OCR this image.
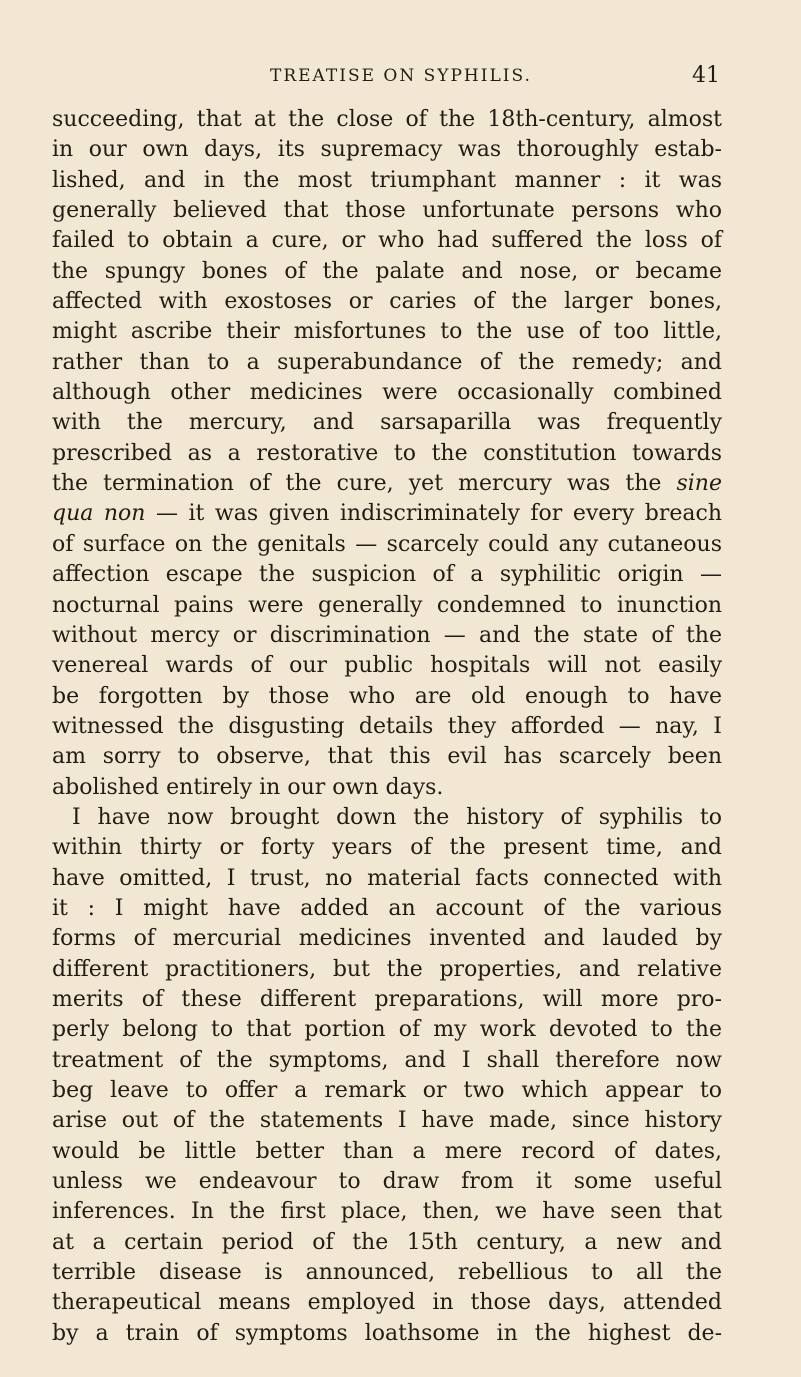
TREATISE ON SYPHILIS.	41
succeeding, that at the close of the 18th-century, almost
in our own days, its supremacy was thoroughly estab-
lished, and in the most triumphant manner : it was
generally believed that those unfortunate persons who
failed to obtain a cure, or who had suffered the loss of
the spungy bones of the palate and nose, or became
affected with exostoses or caries of the larger bones,
might ascribe their misfortunes to the use of too little,
rather than to a superabundance of the remedy; and
although other medicines were occasionally combined
with the mercury, and sarsaparilla was frequently
prescribed as a restorative to the constitution towards
the termination of the cure, yet mercury was the sine
qua non — it was given indiscriminately for every breach
of surface on the genitals — scarcely could any cutaneous
affection escape the suspicion of a syphilitic origin —
nocturnal pains were generally condemned to inunction
without mercy or discrimination — and the state of the
venereal wards of our public hospitals will not easily
be forgotten by those who are old enough to have
witnessed the disgusting details they afforded — nay, I
am sorry to observe, that this evil has scarcely been
abolished entirely in our own days.
I have now brought down the history of syphilis to
within thirty or forty years of the present time, and
have omitted, I trust, no material facts connected with
it : I might have added an account of the various
forms of mercurial medicines invented and lauded by
different practitioners, but the properties, and relative
merits of these different preparations, will more pro-
perly belong to that portion of my work devoted to the
treatment of the symptoms, and I shall therefore now
beg leave to offer a remark or two which appear to
arise out of the statements I have made, since history
would be little better than a mere record of dates,
unless we endeavour to draw from it some useful
inferences. In the first place, then, we have seen that
at a certain period of the 15th century, a new and
terrible disease is announced, rebellious to all the
therapeutical means employed in those days, attended
by a train of symptoms loathsome in the highest de-
